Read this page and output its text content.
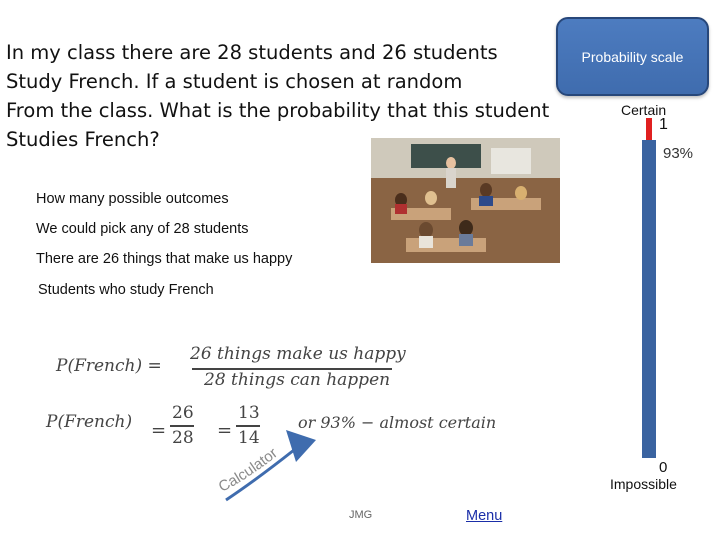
In my class there are 28 students and 26 students
Study French. If a student is chosen at random
From the class. What is the probability that this student
Studies French?
How many possible outcomes
We could pick any of 28 students
There are 26 things that make us happy
Students who study French
P(French) =
26 things make us happy
28 things can happen
P(French) =
26
28 =
13
14
or 93% − almost certain
Calculator
Probability scale
Certain
1
93%
0
Impossible
JMG	Menu
